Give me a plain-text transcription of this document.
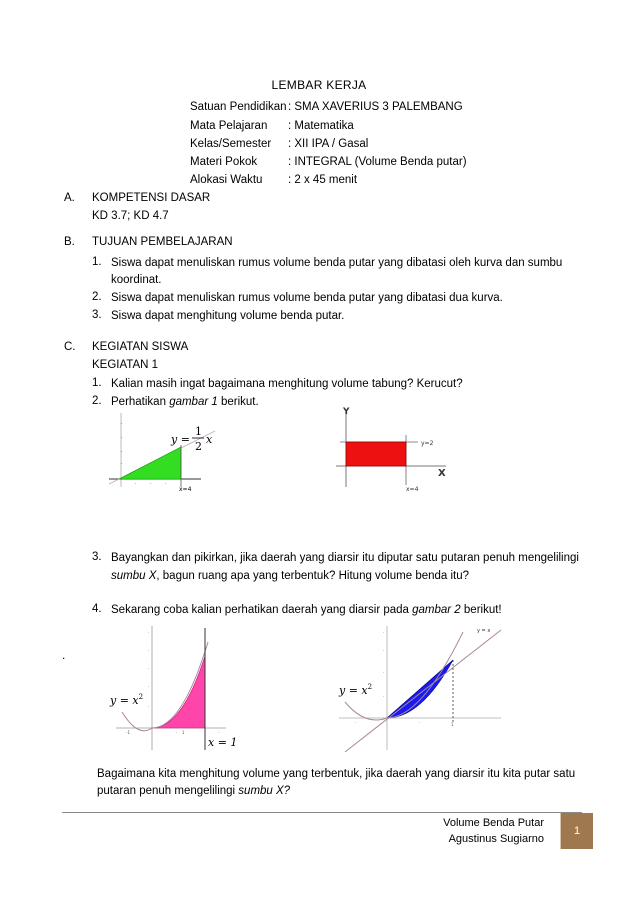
LEMBAR KERJA
Satuan Pendidikan : SMA XAVERIUS 3 PALEMBANG
Mata Pelajaran : Matematika
Kelas/Semester : XII IPA / Gasal
Materi Pokok	: INTEGRAL (Volume Benda putar)
Alokasi Waktu : 2 x 45 menit
A. KOMPETENSI DASAR
KD 3.7; KD 4.7
B. TUJUAN PEMBELAJARAN
1. Siswa dapat menuliskan rumus volume benda putar yang dibatasi oleh kurva dan sumbu
koordinat.
2. Siswa dapat menuliskan rumus volume benda putar yang dibatasi dua kurva.
3. Siswa dapat menghitung volume benda putar.
C. KEGIATAN SISWA
KEGIATAN 1
1. Kalian masih ingat bagaimana menghitung volume tabung? Kerucut?
2. Perhatikan gambar 1 berikut.
·
·
·
·
·	·	·
y =
1
2
x
x=4
Y
X
y=2
x=4
3. Bayangkan dan pikirkan, jika daerah yang diarsir itu diputar satu putaran penuh mengelilingi
sumbu X, bagun ruang apa yang terbentuk? Hitung volume benda itu?
4. Sekarang coba kalian perhatikan daerah yang diarsir pada gambar 2 berikut!
.
·
·
·
·
·
-1	· 1	·
$y = x^2$
x = 1
y = x
·
·
·
·
·	·	1
$y = x^2$
Bagaimana kita menghitung volume yang terbentuk, jika daerah yang diarsir itu kita putar satu
putaran penuh mengelilingi sumbu X?
Volume Benda Putar
Agustinus Sugiarno
1
